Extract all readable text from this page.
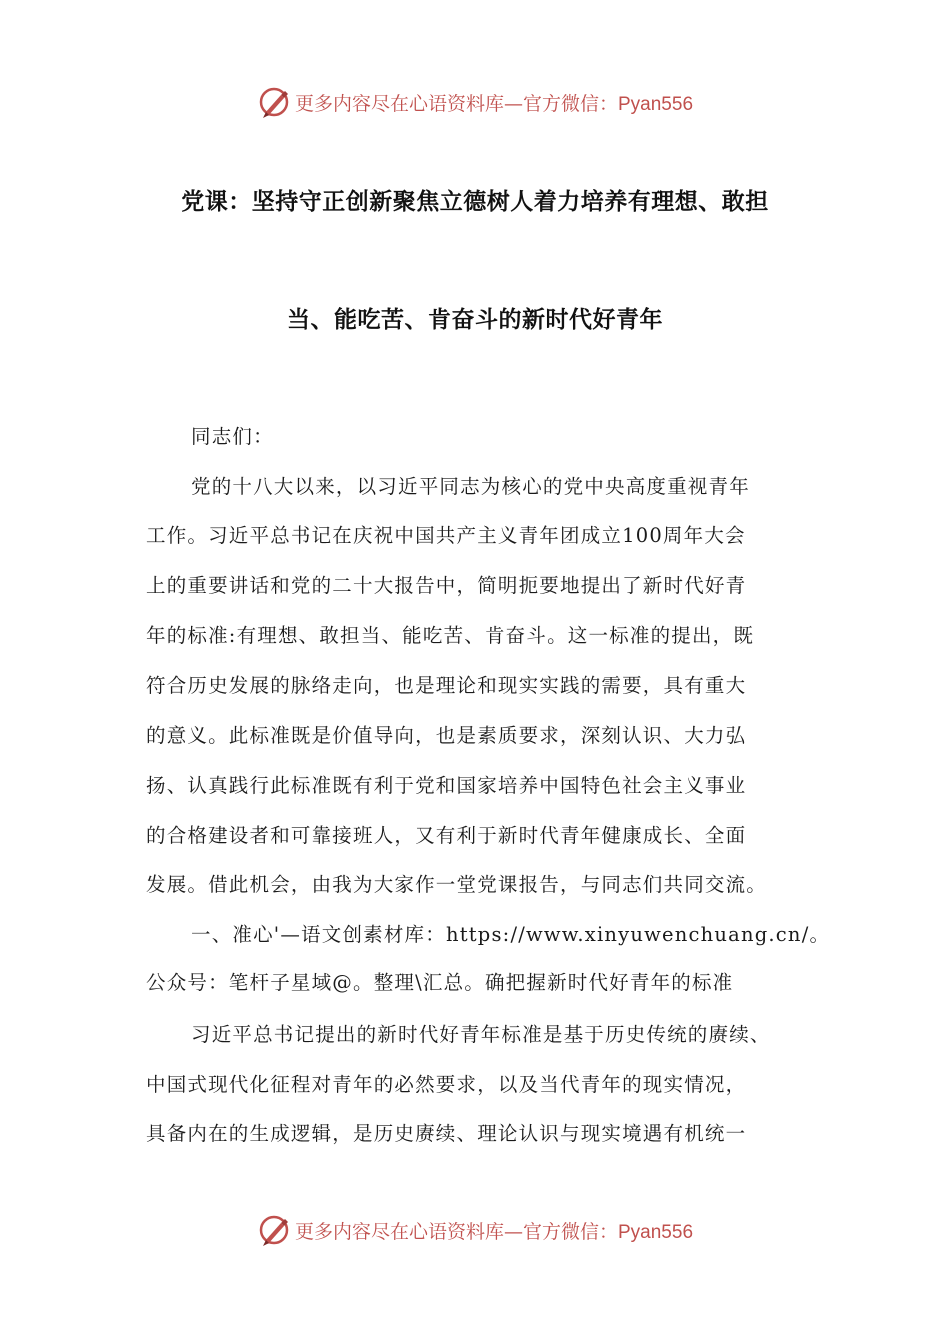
更多内容尽在心语资料库—官方微信：Pyan556
党课：坚持守正创新聚焦立德树人着力培养有理想、敢担
当、能吃苦、肯奋斗的新时代好青年
同志们：
党的十八大以来，以习近平同志为核心的党中央高度重视青年
工作。习近平总书记在庆祝中国共产主义青年团成立100周年大会
上的重要讲话和党的二十大报告中，简明扼要地提出了新时代好青
年的标准:有理想、敢担当、能吃苦、肯奋斗。这一标准的提出，既
符合历史发展的脉络走向，也是理论和现实实践的需要，具有重大
的意义。此标准既是价值导向，也是素质要求，深刻认识、大力弘
扬、认真践行此标准既有利于党和国家培养中国特色社会主义事业
的合格建设者和可靠接班人，又有利于新时代青年健康成长、全面
发展。借此机会，由我为大家作一堂党课报告，与同志们共同交流。
一、准心'—语文创素材库：https://www.xinyuwenchuang.cn/。
公众号：笔杆子星域@。整理\汇总。确把握新时代好青年的标准
习近平总书记提出的新时代好青年标准是基于历史传统的赓续、
中国式现代化征程对青年的必然要求，以及当代青年的现实情况，
具备内在的生成逻辑，是历史赓续、理论认识与现实境遇有机统一
更多内容尽在心语资料库—官方微信：Pyan556
